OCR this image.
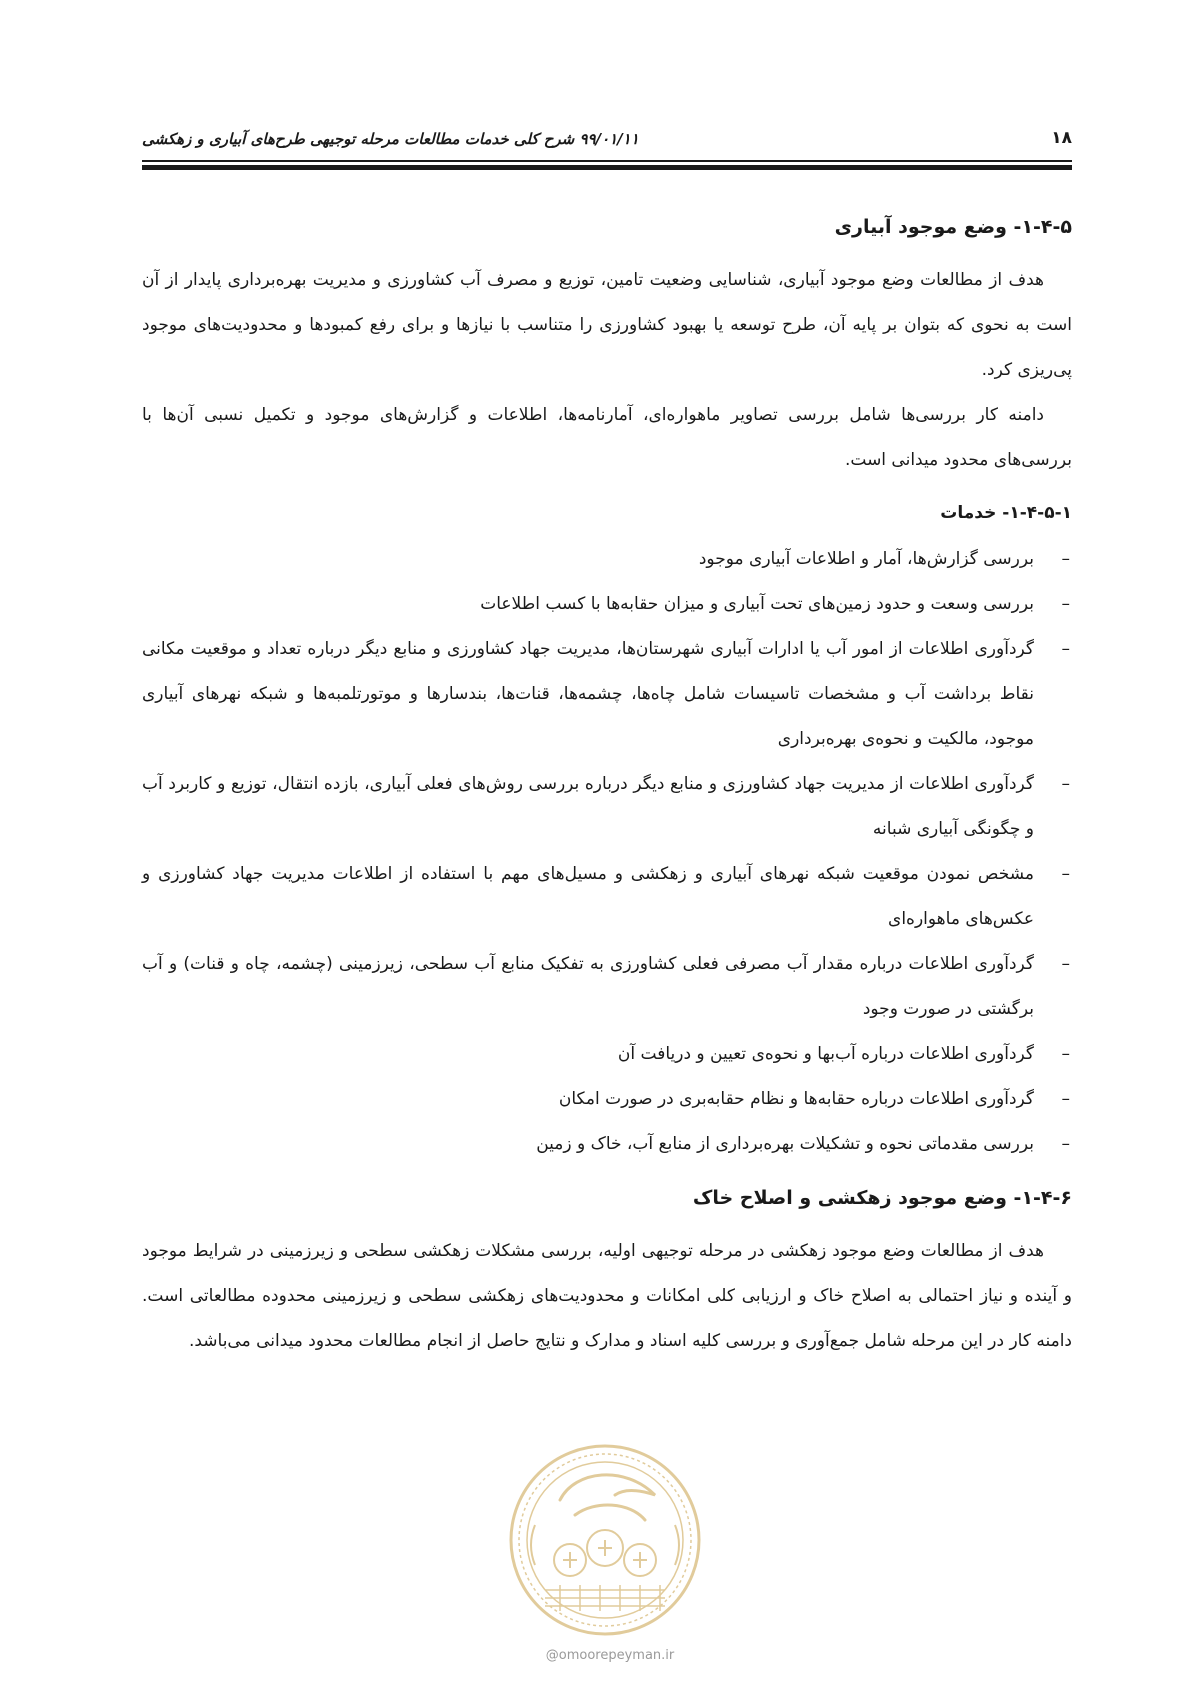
۱۸
۹۹/۰۱/۱۱ شرح کلی خدمات مطالعات مرحله توجیهی طرح‌های آبیاری و زهکشی
۱-۴-۵- وضع موجود آبیاری

هدف از مطالعات وضع موجود آبیاری، شناسایی وضعیت تامین، توزیع و مصرف آب کشاورزی و مدیریت بهره‌برداری پایدار از آن است به نحوی که بتوان بر پایه آن، طرح توسعه یا بهبود کشاورزی را متناسب با نیازها و برای رفع کمبودها و محدودیت‌های موجود پی‌ریزی کرد.

دامنه کار بررسی‌ها شامل بررسی تصاویر ماهواره‌ای، آمارنامه‌ها، اطلاعات و گزارش‌های موجود و تکمیل نسبی آن‌ها با بررسی‌های محدود میدانی است.

۱-۴-۵-۱- خدمات
–
بررسی گزارش‌ها، آمار و اطلاعات آبیاری موجود
–
بررسی وسعت و حدود زمین‌های تحت آبیاری و میزان حقابه‌ها با کسب اطلاعات
–
گردآوری اطلاعات از امور آب یا ادارات آبیاری شهرستان‌ها، مدیریت جهاد کشاورزی و منابع دیگر درباره تعداد و موقعیت مکانی نقاط برداشت آب و مشخصات تاسیسات شامل چاه‌ها، چشمه‌ها، قنات‌ها، بندسارها و موتورتلمبه‌ها و شبکه نهرهای آبیاری موجود، مالکیت و نحوه‌ی بهره‌برداری
–
گردآوری اطلاعات از مدیریت جهاد کشاورزی و منابع دیگر درباره بررسی روش‌های فعلی آبیاری، بازده انتقال، توزیع و کاربرد آب و چگونگی آبیاری شبانه
–
مشخص نمودن موقعیت شبکه نهرهای آبیاری و زهکشی و مسیل‌های مهم با استفاده از اطلاعات مدیریت جهاد کشاورزی و عکس‌های ماهواره‌ای
–
گردآوری اطلاعات درباره مقدار آب مصرفی فعلی کشاورزی به تفکیک منابع آب سطحی، زیرزمینی (چشمه، چاه و قنات) و آب برگشتی در صورت وجود
–
گردآوری اطلاعات درباره آب‌بها و نحوه‌ی تعیین و دریافت آن
–
گردآوری اطلاعات درباره حقابه‌ها و نظام حقابه‌بری در صورت امکان
–
بررسی مقدماتی نحوه و تشکیلات بهره‌برداری از منابع آب، خاک و زمین
۱-۴-۶- وضع موجود زهکشی و اصلاح خاک

هدف از مطالعات وضع موجود زهکشی در مرحله توجیهی اولیه، بررسی مشکلات زهکشی سطحی و زیرزمینی در شرایط موجود و آینده و نیاز احتمالی به اصلاح خاک و ارزیابی کلی امکانات و محدودیت‌های زهکشی سطحی و زیرزمینی محدوده مطالعاتی است. دامنه کار در این مرحله شامل جمع‌آوری و بررسی کلیه اسناد و مدارک و نتایج حاصل از انجام مطالعات محدود میدانی می‌باشد.

@omoorepeyman.ir
